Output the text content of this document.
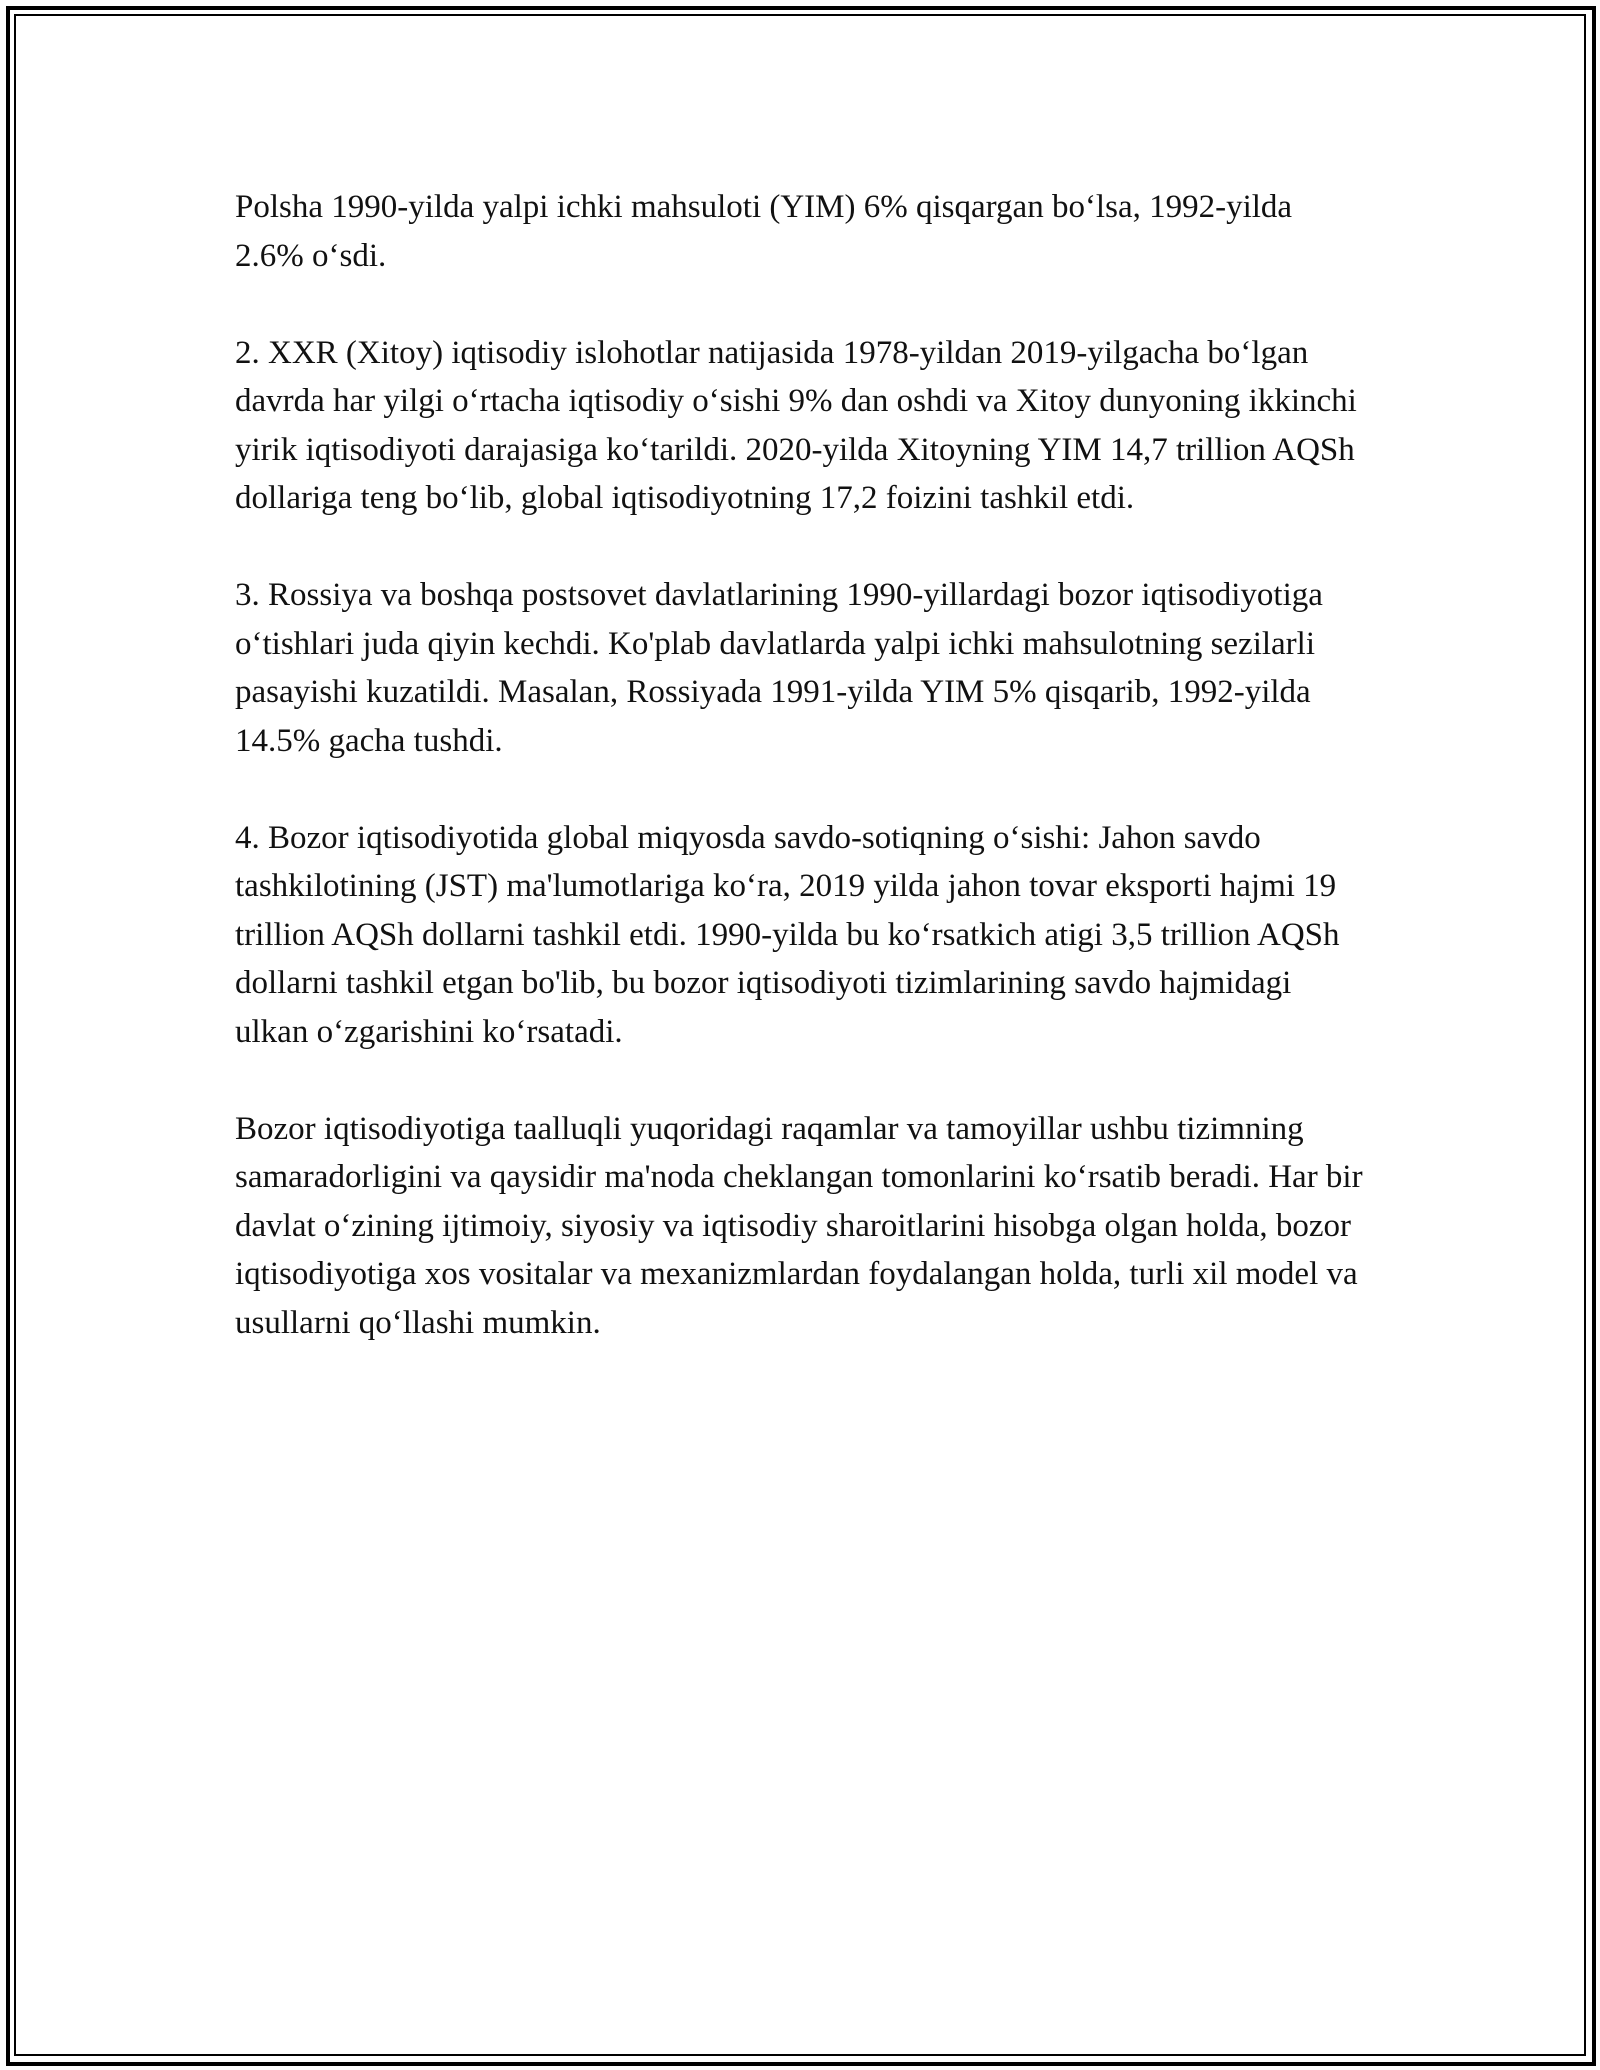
Polsha 1990-yilda yalpi ichki mahsuloti (YIM) 6% qisqargan bo‘lsa, 1992-yilda 2.6% o‘sdi.

2. XXR (Xitoy) iqtisodiy islohotlar natijasida 1978-yildan 2019-yilgacha bo‘lgan davrda har yilgi o‘rtacha iqtisodiy o‘sishi 9% dan oshdi va Xitoy dunyoning ikkinchi yirik iqtisodiyoti darajasiga ko‘tarildi. 2020-yilda Xitoyning YIM 14,7 trillion AQSh dollariga teng bo‘lib, global iqtisodiyotning 17,2 foizini tashkil etdi.

3. Rossiya va boshqa postsovet davlatlarining 1990-yillardagi bozor iqtisodiyotiga o‘tishlari juda qiyin kechdi. Ko'plab davlatlarda yalpi ichki mahsulotning sezilarli pasayishi kuzatildi. Masalan, Rossiyada 1991-yilda YIM 5% qisqarib, 1992-yilda 14.5% gacha tushdi.

4. Bozor iqtisodiyotida global miqyosda savdo-sotiqning o‘sishi: Jahon savdo tashkilotining (JST) ma'lumotlariga ko‘ra, 2019 yilda jahon tovar eksporti hajmi 19 trillion AQSh dollarni tashkil etdi. 1990-yilda bu ko‘rsatkich atigi 3,5 trillion AQSh dollarni tashkil etgan bo'lib, bu bozor iqtisodiyoti tizimlarining savdo hajmidagi ulkan o‘zgarishini ko‘rsatadi.

Bozor iqtisodiyotiga taalluqli yuqoridagi raqamlar va tamoyillar ushbu tizimning samaradorligini va qaysidir ma'noda cheklangan tomonlarini ko‘rsatib beradi. Har bir davlat o‘zining ijtimoiy, siyosiy va iqtisodiy sharoitlarini hisobga olgan holda, bozor iqtisodiyotiga xos vositalar va mexanizmlardan foydalangan holda, turli xil model va usullarni qo‘llashi mumkin.
